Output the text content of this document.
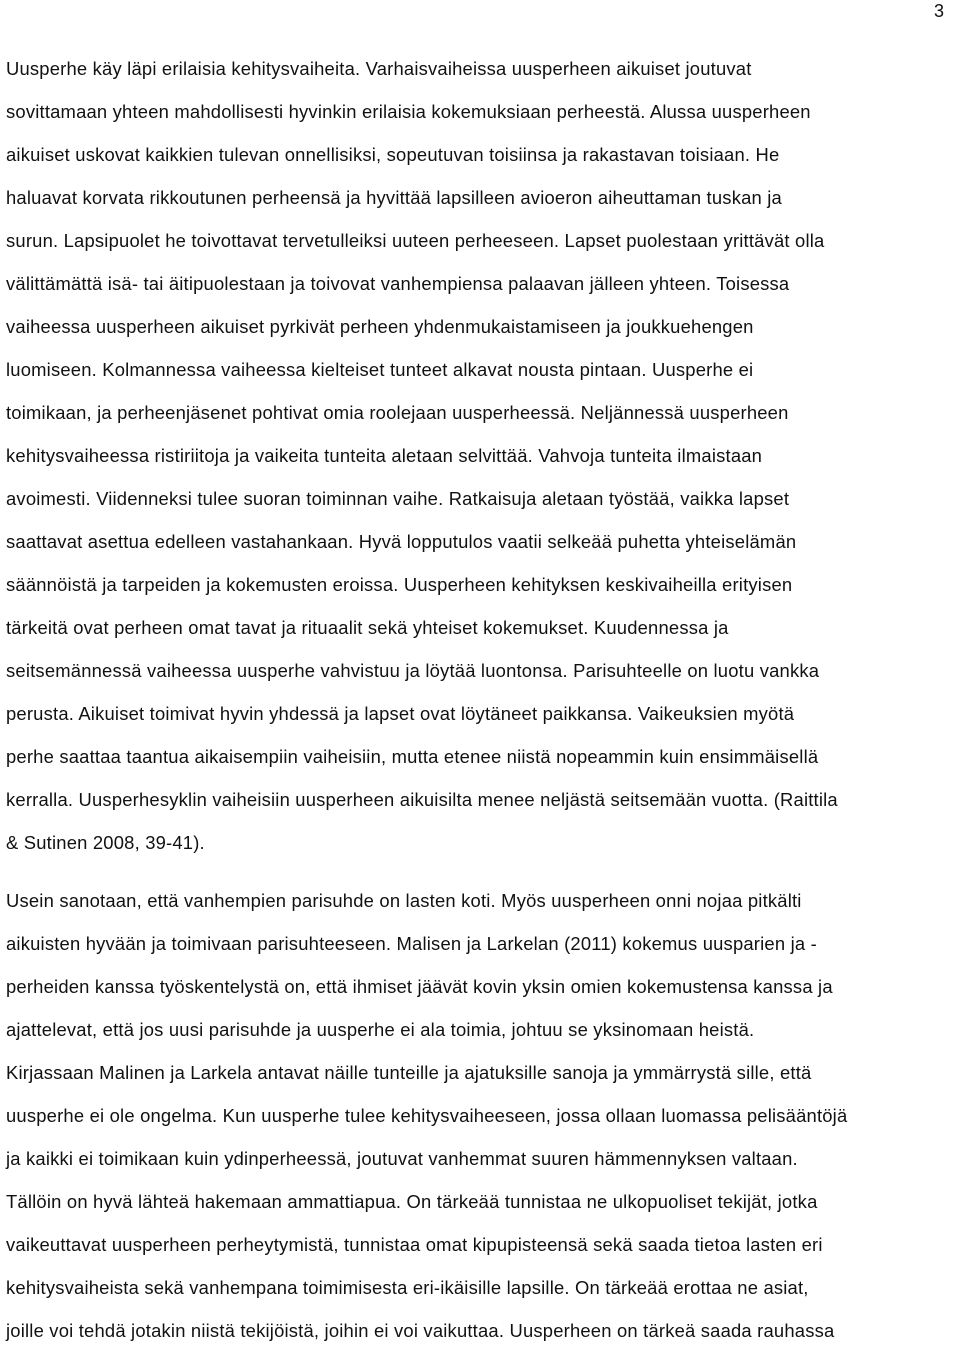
3
Uusperhe käy läpi erilaisia kehitysvaiheita. Varhaisvaiheissa uusperheen aikuiset joutuvat
sovittamaan yhteen mahdollisesti hyvinkin erilaisia kokemuksiaan perheestä. Alussa uusperheen
aikuiset uskovat kaikkien tulevan onnellisiksi, sopeutuvan toisiinsa ja rakastavan toisiaan. He
haluavat korvata rikkoutunen perheensä ja hyvittää lapsilleen avioeron aiheuttaman tuskan ja
surun. Lapsipuolet he toivottavat tervetulleiksi uuteen perheeseen. Lapset puolestaan yrittävät olla
välittämättä isä- tai äitipuolestaan ja toivovat vanhempiensa palaavan jälleen yhteen. Toisessa
vaiheessa uusperheen aikuiset pyrkivät perheen yhdenmukaistamiseen ja joukkuehengen
luomiseen. Kolmannessa vaiheessa kielteiset tunteet alkavat nousta pintaan. Uusperhe ei
toimikaan, ja perheenjäsenet pohtivat omia roolejaan uusperheessä. Neljännessä uusperheen
kehitysvaiheessa ristiriitoja ja vaikeita tunteita aletaan selvittää. Vahvoja tunteita ilmaistaan
avoimesti. Viidenneksi tulee suoran toiminnan vaihe. Ratkaisuja aletaan työstää, vaikka lapset
saattavat asettua edelleen vastahankaan. Hyvä lopputulos vaatii selkeää puhetta yhteiselämän
säännöistä ja tarpeiden ja kokemusten eroissa. Uusperheen kehityksen keskivaiheilla erityisen
tärkeitä ovat perheen omat tavat ja rituaalit sekä yhteiset kokemukset. Kuudennessa ja
seitsemännessä vaiheessa uusperhe vahvistuu ja löytää luontonsa. Parisuhteelle on luotu vankka
perusta. Aikuiset toimivat hyvin yhdessä ja lapset ovat löytäneet paikkansa. Vaikeuksien myötä
perhe saattaa taantua aikaisempiin vaiheisiin, mutta etenee niistä nopeammin kuin ensimmäisellä
kerralla. Uusperhesyklin vaiheisiin uusperheen aikuisilta menee neljästä seitsemään vuotta. (Raittila
& Sutinen 2008, 39-41).
Usein sanotaan, että vanhempien parisuhde on lasten koti. Myös uusperheen onni nojaa pitkälti
aikuisten hyvään ja toimivaan parisuhteeseen. Malisen ja Larkelan (2011) kokemus uusparien ja -
perheiden kanssa työskentelystä on, että ihmiset jäävät kovin yksin omien kokemustensa kanssa ja
ajattelevat, että jos uusi parisuhde ja uusperhe ei ala toimia, johtuu se yksinomaan heistä.
Kirjassaan Malinen ja Larkela antavat näille tunteille ja ajatuksille sanoja ja ymmärrystä sille, että
uusperhe ei ole ongelma. Kun uusperhe tulee kehitysvaiheeseen, jossa ollaan luomassa pelisääntöjä
ja kaikki ei toimikaan kuin ydinperheessä, joutuvat vanhemmat suuren hämmennyksen valtaan.
Tällöin on hyvä lähteä hakemaan ammattiapua. On tärkeää tunnistaa ne ulkopuoliset tekijät, jotka
vaikeuttavat uusperheen perheytymistä, tunnistaa omat kipupisteensä sekä saada tietoa lasten eri
kehitysvaiheista sekä vanhempana toimimisesta eri-ikäisille lapsille. On tärkeää erottaa ne asiat,
joille voi tehdä jotakin niistä tekijöistä, joihin ei voi vaikuttaa. Uusperheen on tärkeä saada rauhassa
